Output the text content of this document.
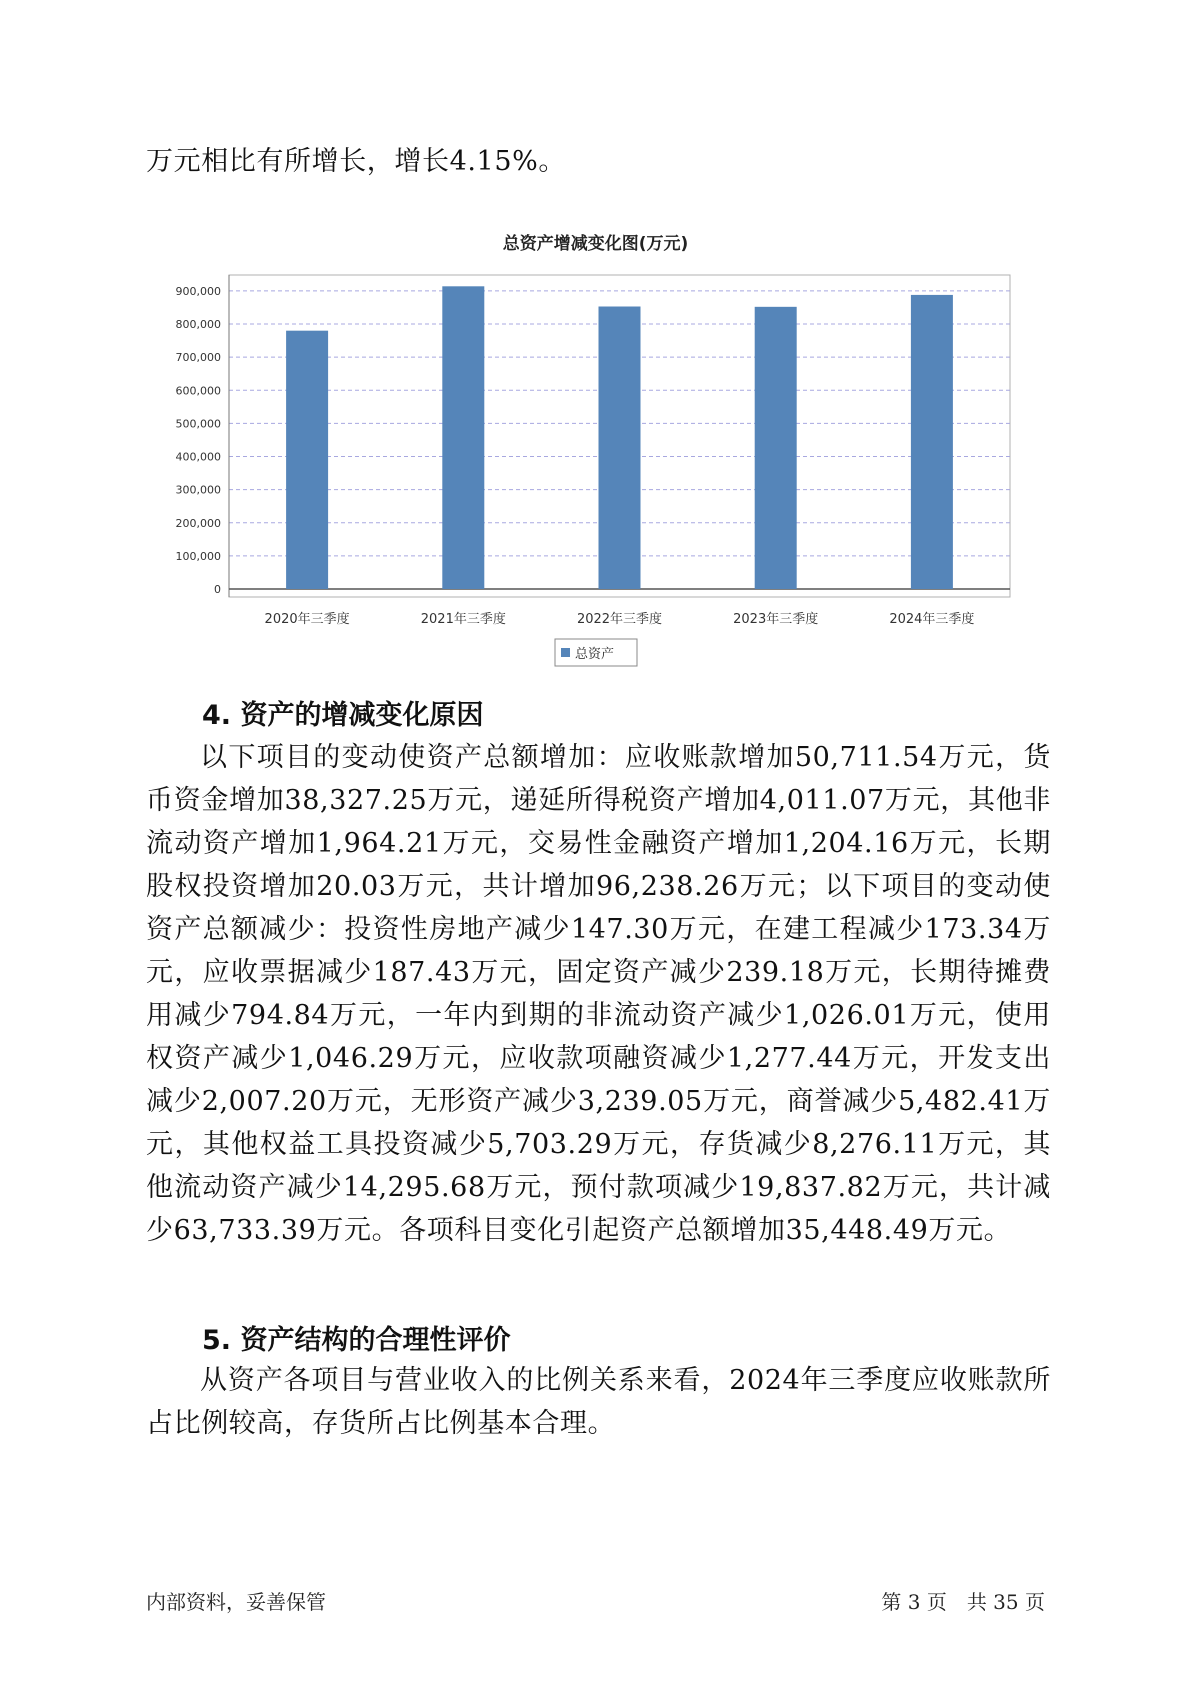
万元相比有所增长，增长4.15%。

总资产增减变化图(万元)

0
100,000
200,000
300,000
400,000
500,000
600,000
700,000
800,000
900,000
2020年三季度	2021年三季度	2022年三季度	2023年三季度	2024年三季度
总资产
4. 资产的增减变化原因

以下项目的变动使资产总额增加：应收账款增加50,711.54万元，货币资金增加38,327.25万元，递延所得税资产增加4,011.07万元，其他非流动资产增加1,964.21万元，交易性金融资产增加1,204.16万元，长期股权投资增加20.03万元，共计增加96,238.26万元；以下项目的变动使资产总额减少：投资性房地产减少147.30万元，在建工程减少173.34万元，应收票据减少187.43万元，固定资产减少239.18万元，长期待摊费用减少794.84万元，一年内到期的非流动资产减少1,026.01万元，使用权资产减少1,046.29万元，应收款项融资减少1,277.44万元，开发支出减少2,007.20万元，无形资产减少3,239.05万元，商誉减少5,482.41万元，其他权益工具投资减少5,703.29万元，存货减少8,276.11万元，其他流动资产减少14,295.68万元，预付款项减少19,837.82万元，共计减少63,733.39万元。各项科目变化引起资产总额增加35,448.49万元。

5. 资产结构的合理性评价

从资产各项目与营业收入的比例关系来看，2024年三季度应收账款所占比例较高，存货所占比例基本合理。

内部资料，妥善保管	第 3 页　共 35 页
